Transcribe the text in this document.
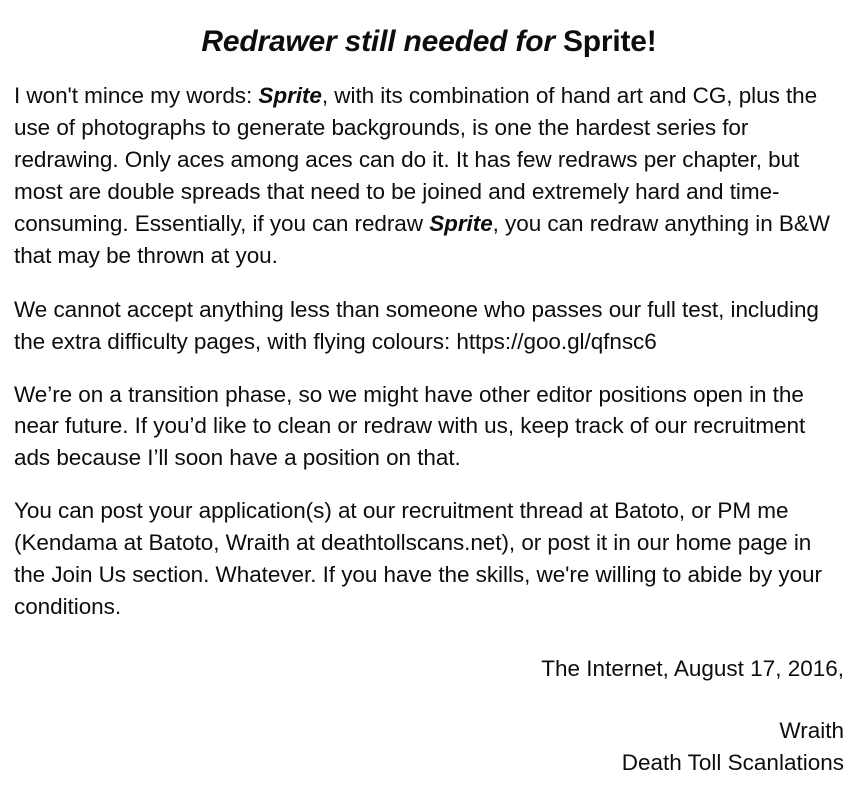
Redrawer still needed for Sprite!

I won't mince my words: Sprite, with its combination of hand art and CG, plus the use of photographs to generate backgrounds, is one the hardest series for redrawing. Only aces among aces can do it. It has few redraws per chapter, but most are double spreads that need to be joined and extremely hard and time-consuming. Essentially, if you can redraw Sprite, you can redraw anything in B&W that may be thrown at you.

We cannot accept anything less than someone who passes our full test, including the extra difficulty pages, with flying colours: https://goo.gl/qfnsc6

We’re on a transition phase, so we might have other editor positions open in the near future. If you’d like to clean or redraw with us, keep track of our recruitment ads because I’ll soon have a position on that.

You can post your application(s) at our recruitment thread at Batoto, or PM me (Kendama at Batoto, Wraith at deathtollscans.net), or post it in our home page in the Join Us section. Whatever. If you have the skills, we're willing to abide by your conditions.

The Internet, August 17, 2016,
Wraith
Death Toll Scanlations
